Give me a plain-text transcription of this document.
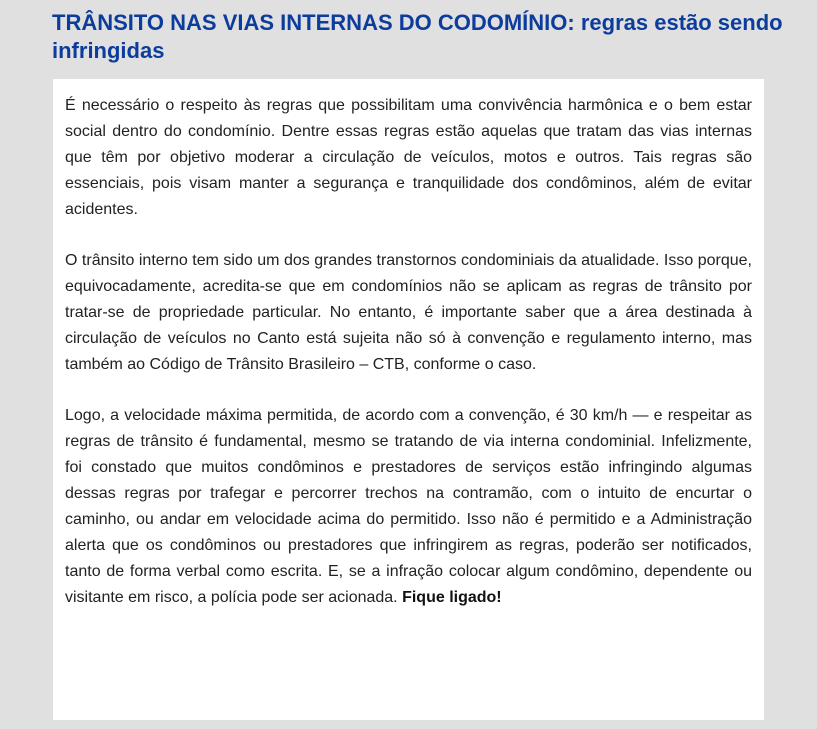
TRÂNSITO NAS VIAS INTERNAS DO CODOMÍNIO: regras estão sendo infringidas

É necessário o respeito às regras que possibilitam uma convivência harmônica e o bem estar social dentro do condomínio. Dentre essas regras estão aquelas que tratam das vias internas que têm por objetivo moderar a circulação de veículos, motos e outros. Tais regras são essenciais, pois visam manter a segurança e tranquilidade dos condôminos, além de evitar acidentes.

O trânsito interno tem sido um dos grandes transtornos condominiais da atualidade. Isso porque, equivocadamente, acredita-se que em condomínios não se aplicam as regras de trânsito por tratar-se de propriedade particular. No entanto, é importante saber que a área destinada à circulação de veículos no Canto está sujeita não só à convenção e regulamento interno, mas também ao Código de Trânsito Brasileiro – CTB, conforme o caso.

Logo, a velocidade máxima permitida, de acordo com a convenção, é 30 km/h — e respeitar as regras de trânsito é fundamental, mesmo se tratando de via interna condominial. Infelizmente, foi constado que muitos condôminos e prestadores de serviços estão infringindo algumas dessas regras por trafegar e percorrer trechos na contramão, com o intuito de encurtar o caminho, ou andar em velocidade acima do permitido. Isso não é permitido e a Administração alerta que os condôminos ou prestadores que infringirem as regras, poderão ser notificados, tanto de forma verbal como escrita. E, se a infração colocar algum condômino, dependente ou visitante em risco, a polícia pode ser acionada. Fique ligado!
